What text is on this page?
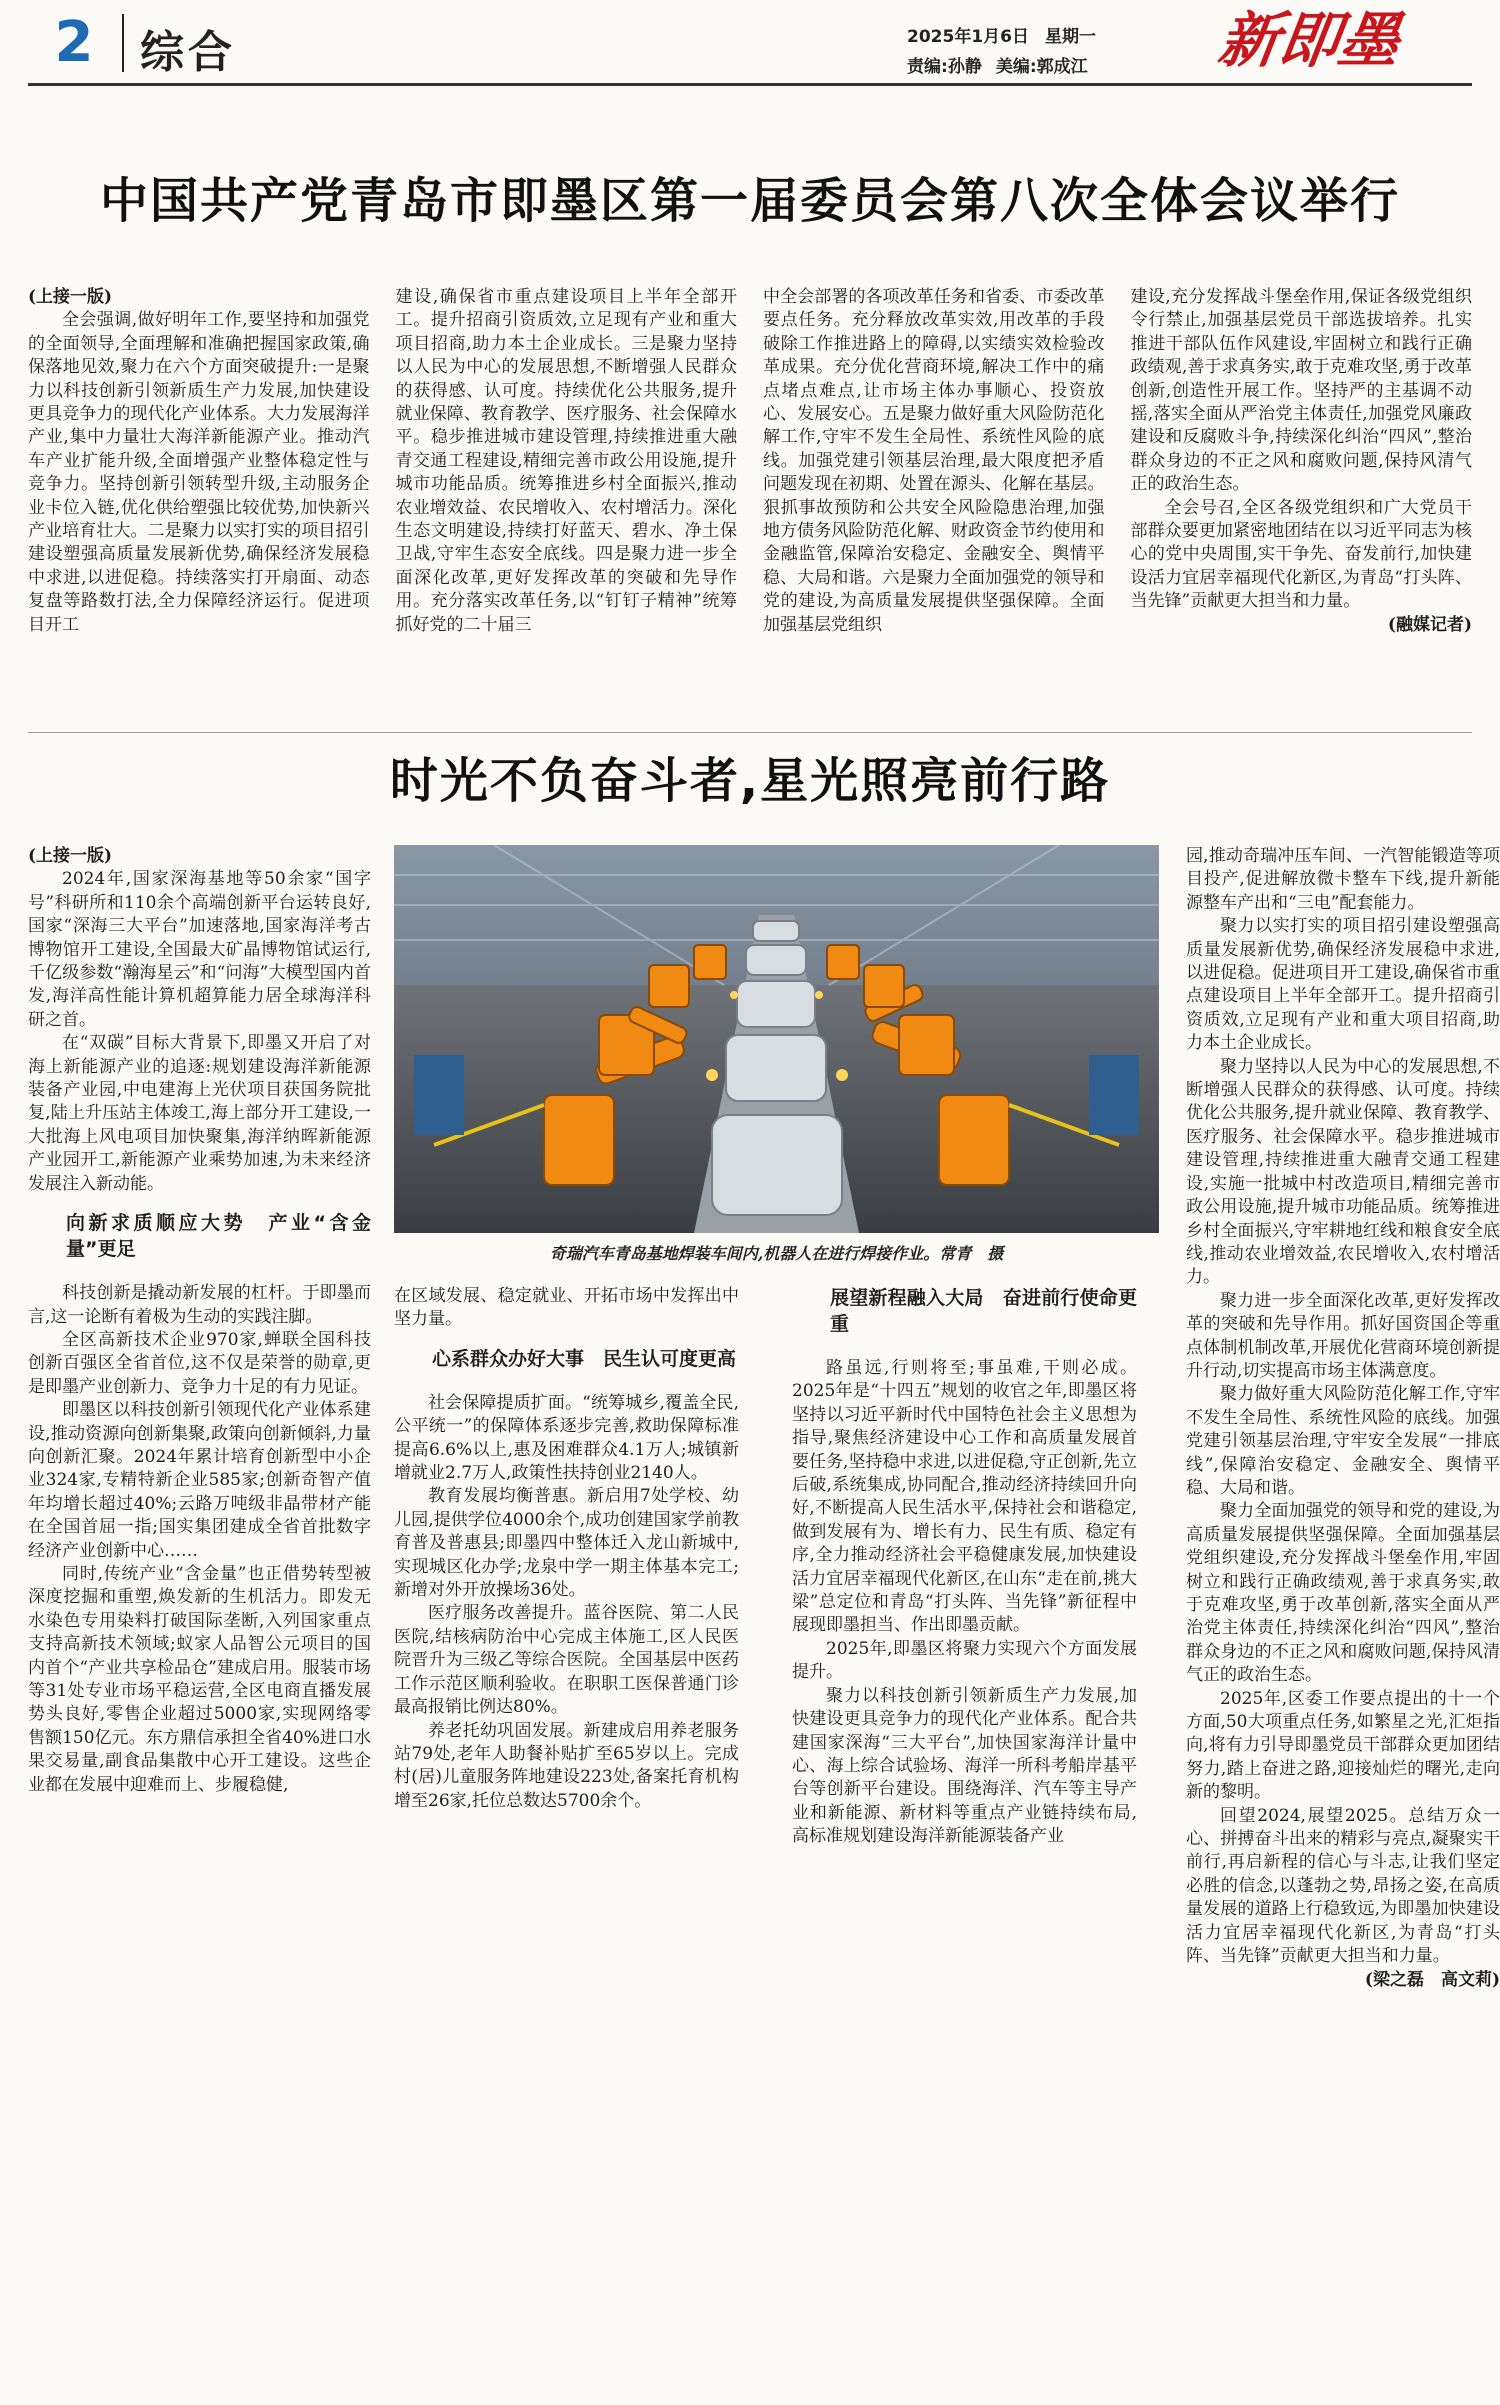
2	综合	2025年1月6日 星期一
责编:孙静 美编:郭成江	新即墨
中国共产党青岛市即墨区第一届委员会第八次全体会议举行

(上接一版)

全会强调,做好明年工作,要坚持和加强党的全面领导,全面理解和准确把握国家政策,确保落地见效,聚力在六个方面突破提升:一是聚力以科技创新引领新质生产力发展,加快建设更具竞争力的现代化产业体系。大力发展海洋产业,集中力量壮大海洋新能源产业。推动汽车产业扩能升级,全面增强产业整体稳定性与竞争力。坚持创新引领转型升级,主动服务企业卡位入链,优化供给塑强比较优势,加快新兴产业培育壮大。二是聚力以实打实的项目招引建设塑强高质量发展新优势,确保经济发展稳中求进,以进促稳。持续落实打开扇面、动态复盘等路数打法,全力保障经济运行。促进项目开工

建设,确保省市重点建设项目上半年全部开工。提升招商引资质效,立足现有产业和重大项目招商,助力本土企业成长。三是聚力坚持以人民为中心的发展思想,不断增强人民群众的获得感、认可度。持续优化公共服务,提升就业保障、教育教学、医疗服务、社会保障水平。稳步推进城市建设管理,持续推进重大融青交通工程建设,精细完善市政公用设施,提升城市功能品质。统筹推进乡村全面振兴,推动农业增效益、农民增收入、农村增活力。深化生态文明建设,持续打好蓝天、碧水、净土保卫战,守牢生态安全底线。四是聚力进一步全面深化改革,更好发挥改革的突破和先导作用。充分落实改革任务,以“钉钉子精神”统筹抓好党的二十届三

中全会部署的各项改革任务和省委、市委改革要点任务。充分释放改革实效,用改革的手段破除工作推进路上的障碍,以实绩实效检验改革成果。充分优化营商环境,解决工作中的痛点堵点难点,让市场主体办事顺心、投资放心、发展安心。五是聚力做好重大风险防范化解工作,守牢不发生全局性、系统性风险的底线。加强党建引领基层治理,最大限度把矛盾问题发现在初期、处置在源头、化解在基层。狠抓事故预防和公共安全风险隐患治理,加强地方债务风险防范化解、财政资金节约使用和金融监管,保障治安稳定、金融安全、舆情平稳、大局和谐。六是聚力全面加强党的领导和党的建设,为高质量发展提供坚强保障。全面加强基层党组织

建设,充分发挥战斗堡垒作用,保证各级党组织令行禁止,加强基层党员干部选拔培养。扎实推进干部队伍作风建设,牢固树立和践行正确政绩观,善于求真务实,敢于克难攻坚,勇于改革创新,创造性开展工作。坚持严的主基调不动摇,落实全面从严治党主体责任,加强党风廉政建设和反腐败斗争,持续深化纠治“四风”,整治群众身边的不正之风和腐败问题,保持风清气正的政治生态。

全会号召,全区各级党组织和广大党员干部群众要更加紧密地团结在以习近平同志为核心的党中央周围,实干争先、奋发前行,加快建设活力宜居幸福现代化新区,为青岛“打头阵、当先锋”贡献更大担当和力量。

(融媒记者)

时光不负奋斗者,星光照亮前行路

(上接一版)

2024年,国家深海基地等50余家“国字号”科研所和110余个高端创新平台运转良好,国家“深海三大平台”加速落地,国家海洋考古博物馆开工建设,全国最大矿晶博物馆试运行,千亿级参数“瀚海星云”和“问海”大模型国内首发,海洋高性能计算机超算能力居全球海洋科研之首。

在“双碳”目标大背景下,即墨又开启了对海上新能源产业的追逐:规划建设海洋新能源装备产业园,中电建海上光伏项目获国务院批复,陆上升压站主体竣工,海上部分开工建设,一大批海上风电项目加快聚集,海洋纳晖新能源产业园开工,新能源产业乘势加速,为未来经济发展注入新动能。

向新求质顺应大势　产业“含金量”更足

科技创新是撬动新发展的杠杆。于即墨而言,这一论断有着极为生动的实践注脚。

全区高新技术企业970家,蝉联全国科技创新百强区全省首位,这不仅是荣誉的勋章,更是即墨产业创新力、竞争力十足的有力见证。

即墨区以科技创新引领现代化产业体系建设,推动资源向创新集聚,政策向创新倾斜,力量向创新汇聚。2024年累计培育创新型中小企业324家,专精特新企业585家;创新奇智产值年均增长超过40%;云路万吨级非晶带材产能在全国首屈一指;国实集团建成全省首批数字经济产业创新中心……

同时,传统产业“含金量”也正借势转型被深度挖掘和重塑,焕发新的生机活力。即发无水染色专用染料打破国际垄断,入列国家重点支持高新技术领域;蚁家人品智公元项目的国内首个“产业共享检品仓”建成启用。服装市场等31处专业市场平稳运营,全区电商直播发展势头良好,零售企业超过5000家,实现网络零售额150亿元。东方鼎信承担全省40%进口水果交易量,副食品集散中心开工建设。这些企业都在发展中迎难而上、步履稳健,

奇瑞汽车青岛基地焊装车间内,机器人在进行焊接作业。常青　摄

在区域发展、稳定就业、开拓市场中发挥出中坚力量。

心系群众办好大事　民生认可度更高

社会保障提质扩面。“统筹城乡,覆盖全民,公平统一”的保障体系逐步完善,救助保障标准提高6.6%以上,惠及困难群众4.1万人;城镇新增就业2.7万人,政策性扶持创业2140人。

教育发展均衡普惠。新启用7处学校、幼儿园,提供学位4000余个,成功创建国家学前教育普及普惠县;即墨四中整体迁入龙山新城中,实现城区化办学;龙泉中学一期主体基本完工;新增对外开放操场36处。

医疗服务改善提升。蓝谷医院、第二人民医院,结核病防治中心完成主体施工,区人民医院晋升为三级乙等综合医院。全国基层中医药工作示范区顺利验收。在职职工医保普通门诊最高报销比例达80%。

养老托幼巩固发展。新建成启用养老服务站79处,老年人助餐补贴扩至65岁以上。完成村(居)儿童服务阵地建设223处,备案托育机构增至26家,托位总数达5700余个。

展望新程融入大局　奋进前行使命更重

路虽远,行则将至;事虽难,干则必成。2025年是“十四五”规划的收官之年,即墨区将坚持以习近平新时代中国特色社会主义思想为指导,聚焦经济建设中心工作和高质量发展首要任务,坚持稳中求进,以进促稳,守正创新,先立后破,系统集成,协同配合,推动经济持续回升向好,不断提高人民生活水平,保持社会和谐稳定,做到发展有为、增长有力、民生有质、稳定有序,全力推动经济社会平稳健康发展,加快建设活力宜居幸福现代化新区,在山东“走在前,挑大梁”总定位和青岛“打头阵、当先锋”新征程中展现即墨担当、作出即墨贡献。

2025年,即墨区将聚力实现六个方面发展提升。

聚力以科技创新引领新质生产力发展,加快建设更具竞争力的现代化产业体系。配合共建国家深海“三大平台”,加快国家海洋计量中心、海上综合试验场、海洋一所科考船岸基平台等创新平台建设。围绕海洋、汽车等主导产业和新能源、新材料等重点产业链持续布局,高标准规划建设海洋新能源装备产业

园,推动奇瑞冲压车间、一汽智能锻造等项目投产,促进解放微卡整车下线,提升新能源整车产出和“三电”配套能力。

聚力以实打实的项目招引建设塑强高质量发展新优势,确保经济发展稳中求进,以进促稳。促进项目开工建设,确保省市重点建设项目上半年全部开工。提升招商引资质效,立足现有产业和重大项目招商,助力本土企业成长。

聚力坚持以人民为中心的发展思想,不断增强人民群众的获得感、认可度。持续优化公共服务,提升就业保障、教育教学、医疗服务、社会保障水平。稳步推进城市建设管理,持续推进重大融青交通工程建设,实施一批城中村改造项目,精细完善市政公用设施,提升城市功能品质。统筹推进乡村全面振兴,守牢耕地红线和粮食安全底线,推动农业增效益,农民增收入,农村增活力。

聚力进一步全面深化改革,更好发挥改革的突破和先导作用。抓好国资国企等重点体制机制改革,开展优化营商环境创新提升行动,切实提高市场主体满意度。

聚力做好重大风险防范化解工作,守牢不发生全局性、系统性风险的底线。加强党建引领基层治理,守牢安全发展“一排底线”,保障治安稳定、金融安全、舆情平稳、大局和谐。

聚力全面加强党的领导和党的建设,为高质量发展提供坚强保障。全面加强基层党组织建设,充分发挥战斗堡垒作用,牢固树立和践行正确政绩观,善于求真务实,敢于克难攻坚,勇于改革创新,落实全面从严治党主体责任,持续深化纠治“四风”,整治群众身边的不正之风和腐败问题,保持风清气正的政治生态。

2025年,区委工作要点提出的十一个方面,50大项重点任务,如繁星之光,汇炬指向,将有力引导即墨党员干部群众更加团结努力,踏上奋进之路,迎接灿烂的曙光,走向新的黎明。

回望2024,展望2025。总结万众一心、拼搏奋斗出来的精彩与亮点,凝聚实干前行,再启新程的信心与斗志,让我们坚定必胜的信念,以蓬勃之势,昂扬之姿,在高质量发展的道路上行稳致远,为即墨加快建设活力宜居幸福现代化新区,为青岛“打头阵、当先锋”贡献更大担当和力量。

(梁之磊　高文莉)
